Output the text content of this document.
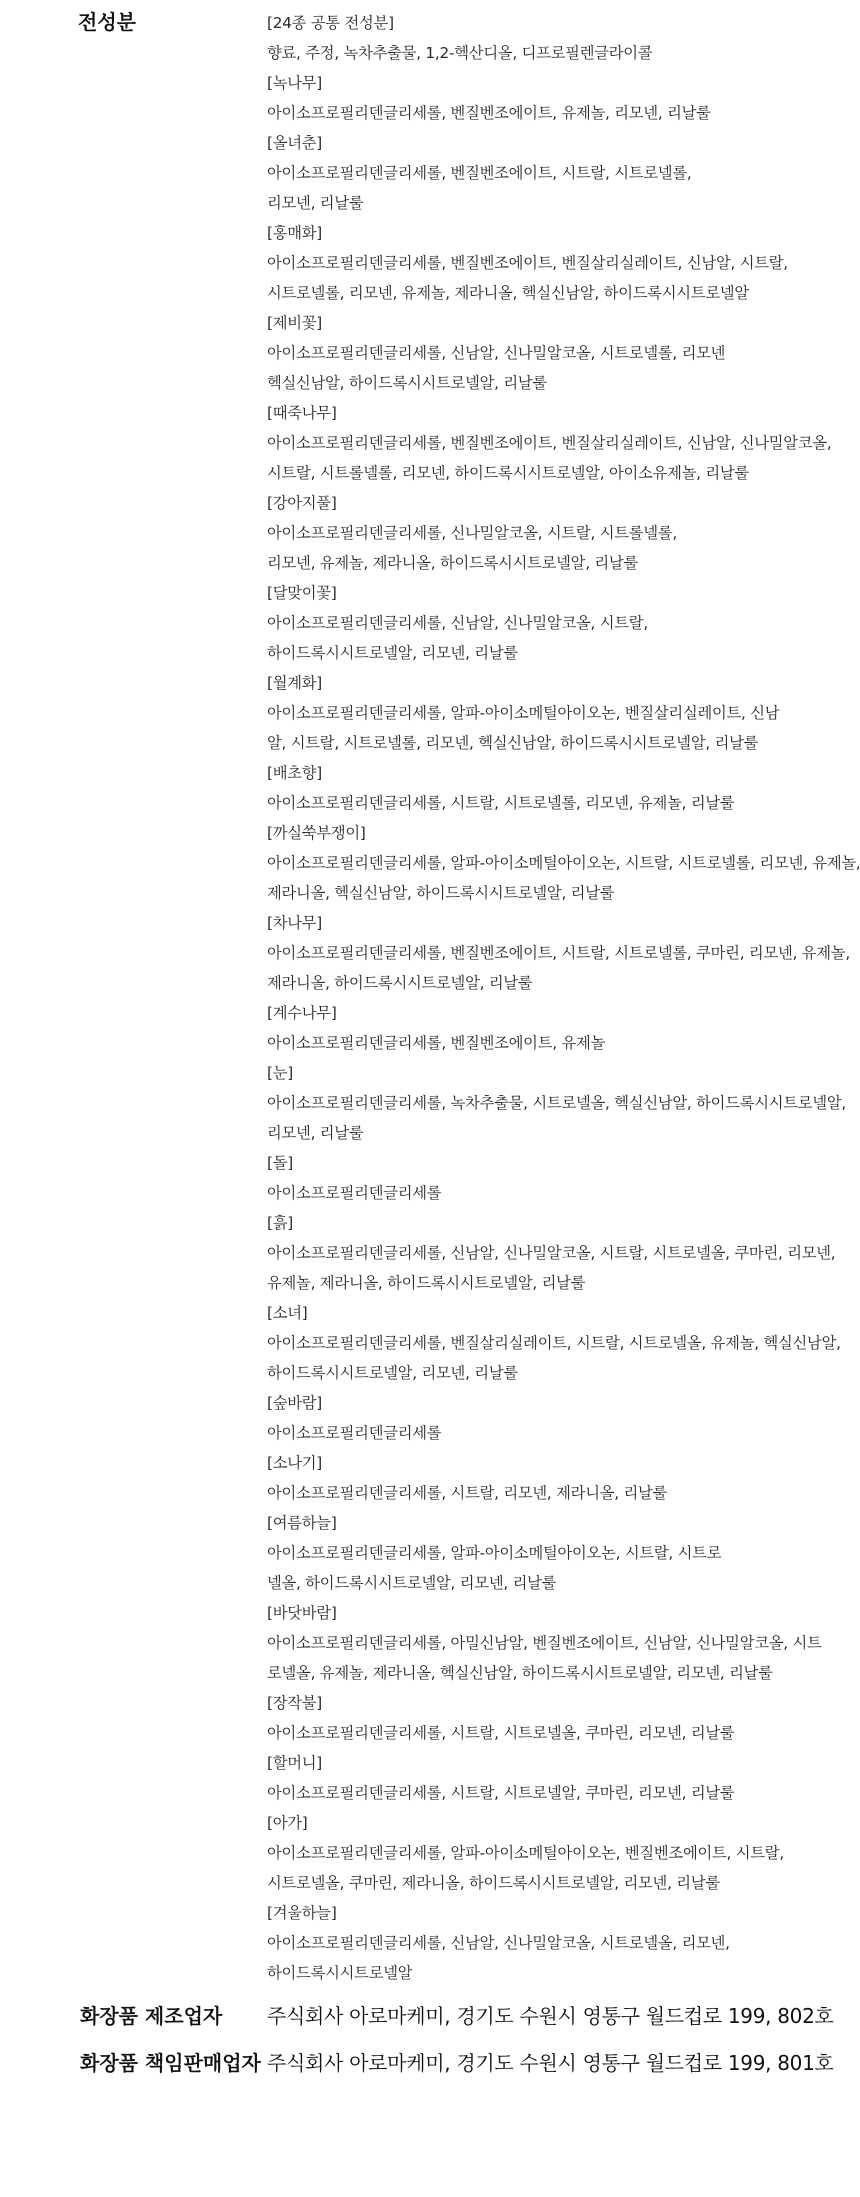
전성분	[24종 공통 전성분]
향료, 주정, 녹차추출물, 1,2-헥산디올, 디프로필렌글라이콜
[녹나무]
아이소프로필리덴글리세롤, 벤질벤조에이트, 유제놀, 리모넨, 리날룰
[올녀춘]
아이소프로필리덴글리세롤, 벤질벤조에이트, 시트랄, 시트로넬롤,
리모넨, 리날룰
[홍매화]
아이소프로필리덴글리세롤, 벤질벤조에이트, 벤질살리실레이트, 신남알, 시트랄,
시트로넬롤, 리모넨, 유제놀, 제라니올, 헥실신남알, 하이드록시시트로넬알
[제비꽃]
아이소프로필리덴글리세롤, 신남알, 신나밀알코올, 시트로넬롤, 리모넨
헥실신남알, 하이드록시시트로넬알, 리날룰
[때죽나무]
아이소프로필리덴글리세롤, 벤질벤조에이트, 벤질살리실레이트, 신남알, 신나밀알코올,
시트랄, 시트롤넬롤, 리모넨, 하이드록시시트로넬알, 아이소유제놀, 리날룰
[강아지풀]
아이소프로필리덴글리세롤, 신나밀알코올, 시트랄, 시트롤넬롤,
리모넨, 유제놀, 제라니올, 하이드록시시트로넬알, 리날룰
[달맞이꽃]
아이소프로필리덴글리세롤, 신남알, 신나밀알코올, 시트랄,
하이드록시시트로넬알, 리모넨, 리날룰
[월계화]
아이소프로필리덴글리세롤, 알파-아이소메틸아이오논, 벤질살리실레이트, 신남
알, 시트랄, 시트로넬롤, 리모넨, 헥실신남알, 하이드록시시트로넬알, 리날룰
[배초향]
아이소프로필리덴글리세롤, 시트랄, 시트로넬롤, 리모넨, 유제놀, 리날룰
[까실쑥부쟁이]
아이소프로필리덴글리세롤, 알파-아이소메틸아이오논, 시트랄, 시트로넬롤, 리모넨, 유제놀,
제라니올, 헥실신남알, 하이드록시시트로넬알, 리날룰
[차나무]
아이소프로필리덴글리세롤, 벤질벤조에이트, 시트랄, 시트로넬롤, 쿠마린, 리모넨, 유제놀,
제라니올, 하이드록시시트로넬알, 리날룰
[계수나무]
아이소프로필리덴글리세롤, 벤질벤조에이트, 유제놀
[눈]
아이소프로필리덴글리세롤, 녹차추출물, 시트로넬올, 헥실신남알, 하이드록시시트로넬알,
리모넨, 리날룰
[돌]
아이소프로필리덴글리세롤
[흙]
아이소프로필리덴글리세롤, 신남알, 신나밀알코올, 시트랄, 시트로넬올, 쿠마린, 리모넨,
유제놀, 제라니올, 하이드록시시트로넬알, 리날룰
[소녀]
아이소프로필리덴글리세롤, 벤질살리실레이트, 시트랄, 시트로넬올, 유제놀, 헥실신남알,
하이드록시시트로넬알, 리모넨, 리날룰
[숲바람]
아이소프로필리덴글리세롤
[소나기]
아이소프로필리덴글리세롤, 시트랄, 리모넨, 제라니올, 리날룰
[여름하늘]
아이소프로필리덴글리세롤, 알파-아이소메틸아이오논, 시트랄, 시트로
넬올, 하이드록시시트로넬알, 리모넨, 리날룰
[바닷바람]
아이소프로필리덴글리세롤, 아밀신남알, 벤질벤조에이트, 신남알, 신나밀알코올, 시트
로넬올, 유제놀, 제라니올, 헥실신남알, 하이드록시시트로넬알, 리모넨, 리날룰
[장작불]
아이소프로필리덴글리세롤, 시트랄, 시트로넬올, 쿠마린, 리모넨, 리날룰
[할머니]
아이소프로필리덴글리세롤, 시트랄, 시트로넬알, 쿠마린, 리모넨, 리날룰
[아가]
아이소프로필리덴글리세롤, 알파-아이소메틸아이오논, 벤질벤조에이트, 시트랄,
시트로넬올, 쿠마린, 제라니올, 하이드록시시트로넬알, 리모넨, 리날룰
[겨울하늘]
아이소프로필리덴글리세롤, 신남알, 신나밀알코올, 시트로넬올, 리모넨,
하이드록시시트로넬알
화장품 제조업자 주식회사 아로마케미, 경기도 수원시 영통구 월드컵로 199, 802호
화장품 책임판매업자 주식회사 아로마케미, 경기도 수원시 영통구 월드컵로 199, 801호
